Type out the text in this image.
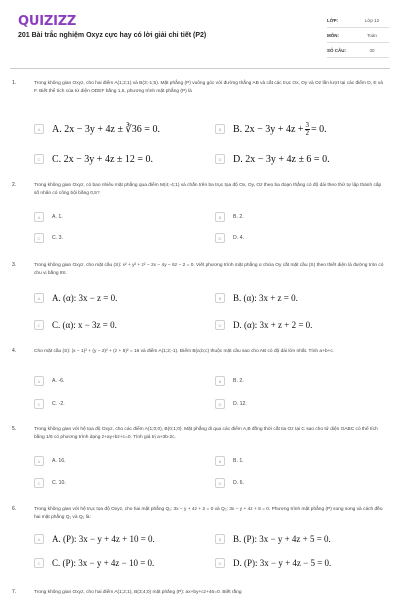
QUIZIZZ
201 Bài trắc nghiệm Oxyz cực hay có lời giải chi tiết (P2)
LỚP:	Lớp 12
MÔN:	Toán
SỐ CÂU:	30
1.	Trong không gian Oxyz, cho hai điểm A(1;2;1) và B(3;-1;5). Mặt phẳng (P) vuông góc với đường thẳng AB và cắt các trục Ox, Oy và Oz lần lượt tại các điểm D, E và F. Biết thể tích của tứ diện ODEF bằng 1,5, phương trình mặt phẳng (P) là
A	A. 2x − 3y + 4z ± ∛36 = 0.	B	B. $2x - 3y + 4z + \frac{3}{2} = 0$.
C	C. 2x − 3y + 4z ± 12 = 0.	D	D. 2x − 3y + 4z ± 6 = 0.
2.	Trong không gian Oxyz, có bao nhiêu mặt phẳng qua điểm M(4;-4;1) và chắn trên ba trục tọa độ Ox, Oy, Oz theo ba đoạn thẳng có độ dài theo thứ tự lập thành cấp số nhân có công bội bằng 0,5?
A	A. 1.	B	B. 2.
C	C. 3.	D	D. 4.
3.	Trong không gian Oxyz, cho mặt cầu (S): x² + y² + z² − 2x − 4y − 6z − 2 = 0. Viết phương trình mặt phẳng α chứa Oy cắt mặt cầu (S) theo thiết diện là đường tròn có chu vi bằng 8π.
A	A. (α): 3x − z = 0.	B	B. (α): 3x + z = 0.
C	C. (α): x − 3z = 0.	D	D. (α): 3x + z + 2 = 0.
4.	Cho mặt cầu (S): (x − 1)² + (y − 2)² + (z + 5)² = 16 và điểm A(1;2;-1). Điểm B(a;b;c) thuộc mặt cầu sao cho AB có độ dài lớn nhất. Tính a+b+c.
A	A. -6.	B	B. 2.
C	C. -2.	D	D. 12.
5.	Trong không gian với hệ tọa độ Oxyz, cho các điểm A(1;0;0), B(0;1;0). Mặt phẳng đi qua các điểm A,B đồng thời cắt tia Oz tại C sao cho tứ diện OABC có thể tích bằng 1/6 có phương trình dạng z+ay+bz+c=0. Tính giá trị a+3b-2c.
A	A. 16.	B	B. 1.
C	C. 10.	D	D. 6.
6.	Trong không gian với hệ trục tọa độ Oxyz, cho hai mặt phẳng Q₁: 3x − y + 4z + 2 = 0 và Q₂: 3x − y + 4z + 8 = 0. Phương trình mặt phẳng (P) song song và cách đều hai mặt phẳng Q₁ và Q₂ là:
A	A. (P): 3x − y + 4z + 10 = 0.	B	B. (P): 3x − y + 4z + 5 = 0.
C	C. (P): 3x − y + 4z − 10 = 0.	D	D. (P): 3x − y + 4z − 5 = 0.
7.	Trong không gian Oxyz, cho hai điểm A(1;2;1), B(3;4;0) mặt phẳng (P): ax+by+cz+46=0. Biết rằng
